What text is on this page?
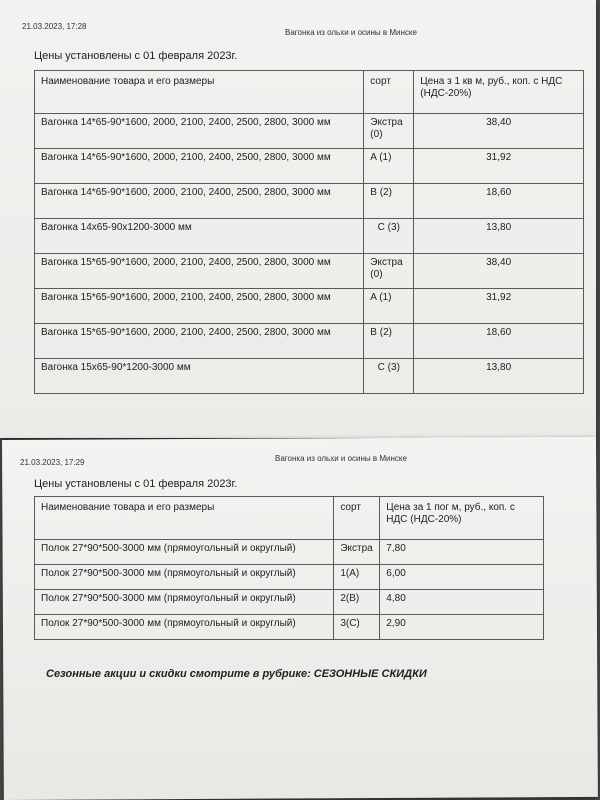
21.03.2023, 17:28
Вагонка из ольхи и осины в Минске
Цены установлены с 01 февраля 2023г.
Наименование товара и его размеры	сорт	Цена з 1 кв м, руб., коп. с НДС (НДС-20%)
Вагонка 14*65-90*1600, 2000, 2100, 2400, 2500, 2800, 3000 мм	Экстра (0)	38,40
Вагонка 14*65-90*1600, 2000, 2100, 2400, 2500, 2800, 3000 мм	A (1)	31,92
Вагонка 14*65-90*1600, 2000, 2100, 2400, 2500, 2800, 3000 мм	B (2)	18,60
Вагонка 14х65-90х1200-3000 мм	C (3)	13,80
Вагонка 15*65-90*1600, 2000, 2100, 2400, 2500, 2800, 3000 мм	Экстра (0)	38,40
Вагонка 15*65-90*1600, 2000, 2100, 2400, 2500, 2800, 3000 мм	A (1)	31,92
Вагонка 15*65-90*1600, 2000, 2100, 2400, 2500, 2800, 3000 мм	B (2)	18,60
Вагонка 15х65-90*1200-3000 мм	C (3)	13,80
21.03.2023, 17:29	Вагонка из ольхи и осины в Минске
Цены установлены с 01 февраля 2023г.
Наименование товара и его размеры	сорт	Цена за 1 пог м, руб., коп. с НДС (НДС-20%)
Полок 27*90*500-3000 мм (прямоугольный и округлый)	Экстра	7,80
Полок 27*90*500-3000 мм (прямоугольный и округлый)	1(A)	6,00
Полок 27*90*500-3000 мм (прямоугольный и округлый)	2(B)	4,80
Полок 27*90*500-3000 мм (прямоугольный и округлый)	3(C)	2,90
Сезонные акции и скидки смотрите в рубрике: СЕЗОННЫЕ СКИДКИ
